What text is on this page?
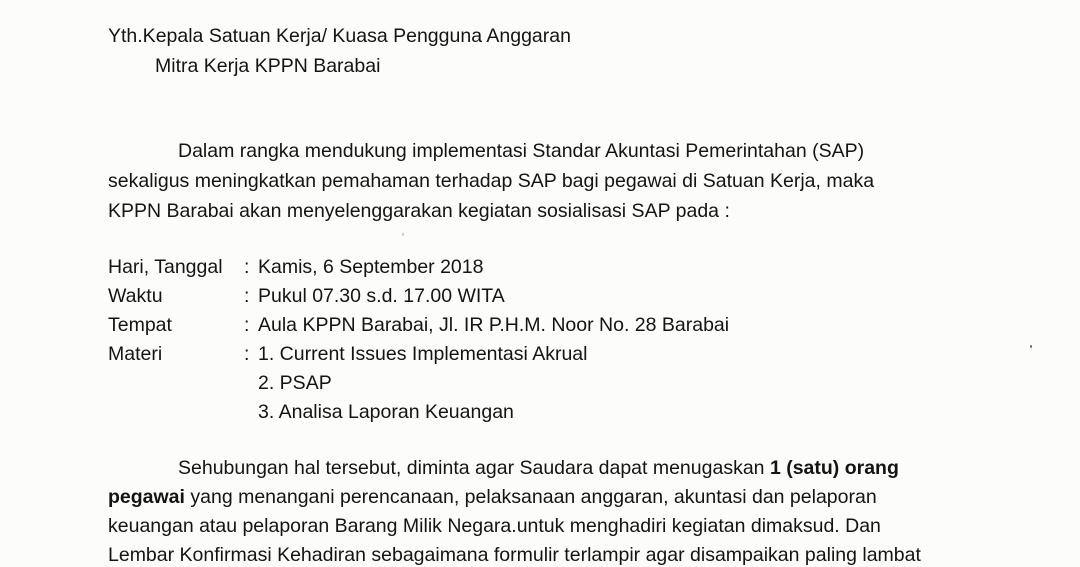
Yth.Kepala Satuan Kerja/ Kuasa Pengguna Anggaran
Mitra Kerja KPPN Barabai
Dalam rangka mendukung implementasi Standar Akuntasi Pemerintahan (SAP)
sekaligus meningkatkan pemahaman terhadap SAP bagi pegawai di Satuan Kerja, maka
KPPN Barabai akan menyelenggarakan kegiatan sosialisasi SAP pada :
Hari, Tanggal : Kamis, 6 September 2018
Waktu	: Pukul 07.30 s.d. 17.00 WITA
Tempat	: Aula KPPN Barabai, Jl. IR P.H.M. Noor No. 28 Barabai
Materi	: 1. Current Issues Implementasi Akrual
2. PSAP
3. Analisa Laporan Keuangan
Sehubungan hal tersebut, diminta agar Saudara dapat menugaskan 1 (satu) orang
pegawai yang menangani perencanaan, pelaksanaan anggaran, akuntasi dan pelaporan
keuangan atau pelaporan Barang Milik Negara.untuk menghadiri kegiatan dimaksud. Dan
Lembar Konfirmasi Kehadiran sebagaimana formulir terlampir agar disampaikan paling lambat
